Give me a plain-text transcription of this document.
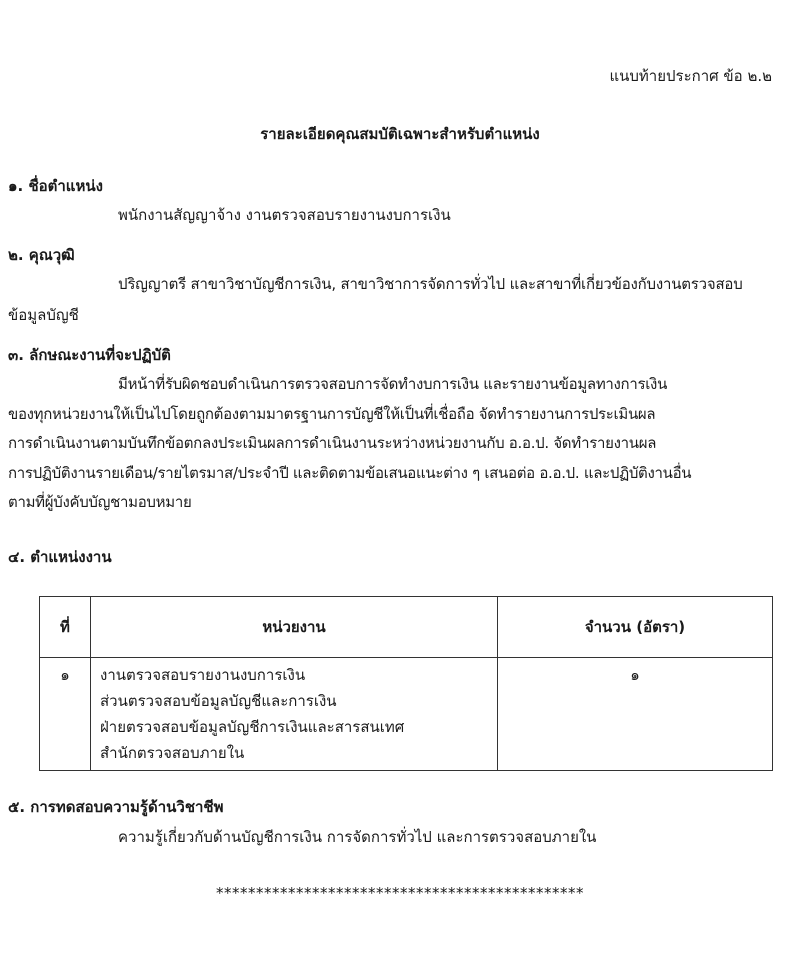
แนบท้ายประกาศ ข้อ ๒.๒
รายละเอียดคุณสมบัติเฉพาะสำหรับตำแหน่ง
๑. ชื่อตำแหน่ง
พนักงานสัญญาจ้าง งานตรวจสอบรายงานงบการเงิน
๒. คุณวุฒิ
ปริญญาตรี สาขาวิชาบัญชีการเงิน, สาขาวิชาการจัดการทั่วไป และสาขาที่เกี่ยวข้องกับงานตรวจสอบ
ข้อมูลบัญชี
๓. ลักษณะงานที่จะปฏิบัติ
มีหน้าที่รับผิดชอบดำเนินการตรวจสอบการจัดทำงบการเงิน และรายงานข้อมูลทางการเงิน
ของทุกหน่วยงานให้เป็นไปโดยถูกต้องตามมาตรฐานการบัญชีให้เป็นที่เชื่อถือ จัดทำรายงานการประเมินผล
การดำเนินงานตามบันทึกข้อตกลงประเมินผลการดำเนินงานระหว่างหน่วยงานกับ อ.อ.ป. จัดทำรายงานผล
การปฏิบัติงานรายเดือน/รายไตรมาส/ประจำปี และติดตามข้อเสนอแนะต่าง ๆ เสนอต่อ อ.อ.ป. และปฏิบัติงานอื่น
ตามที่ผู้บังคับบัญชามอบหมาย
๔. ตำแหน่งงาน
ที่	หน่วยงาน	จำนวน (อัตรา)
๑	งานตรวจสอบรายงานงบการเงิน
ส่วนตรวจสอบข้อมูลบัญชีและการเงิน
ฝ่ายตรวจสอบข้อมูลบัญชีการเงินและสารสนเทศ
สำนักตรวจสอบภายใน	๑
๕. การทดสอบความรู้ด้านวิชาชีพ
ความรู้เกี่ยวกับด้านบัญชีการเงิน การจัดการทั่วไป และการตรวจสอบภายใน
**********************************************
